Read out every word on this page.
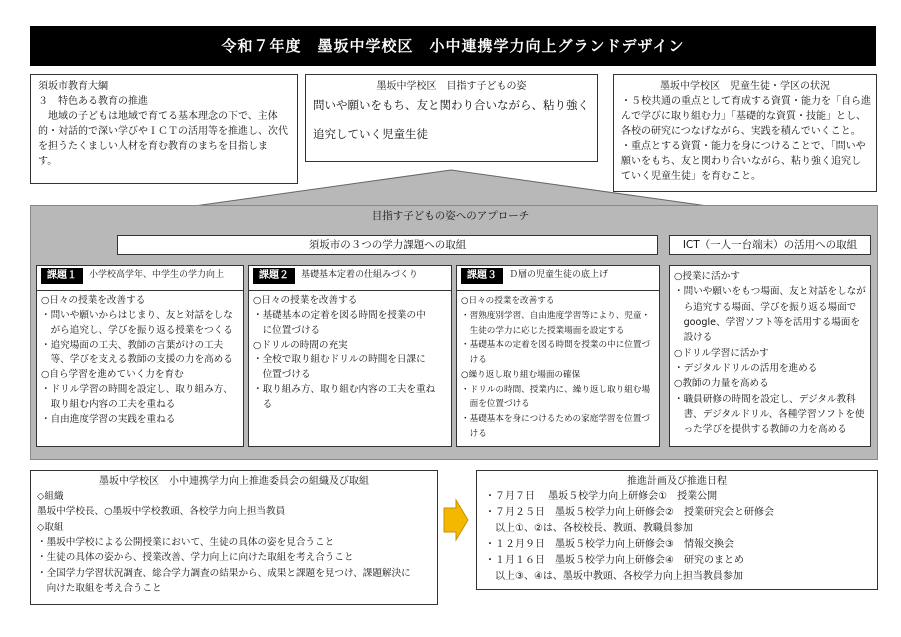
令和７年度　墨坂中学校区　小中連携学力向上グランドデザイン
須坂市教育大綱
３　特色ある教育の推進
　地域の子どもは地域で育てる基本理念の下で、主体
的・対話的で深い学びやＩＣＴの活用等を推進し、次代
を担うたくましい人材を育む教育のまちを目指しま
す。
墨坂中学校区　目指す子どもの姿
問いや願いをもち、友と関わり合いながら、粘り強く
追究していく児童生徒
墨坂中学校区　児童生徒・学区の状況
・５校共通の重点として育成する資質・能力を「自ら進
んで学びに取り組む力」「基礎的な資質・技能」とし、
各校の研究につなげながら、実践を積んでいくこと。
・重点とする資質・能力を身につけることで、「問いや
願いをもち、友と関わり合いながら、粘り強く追究し
ていく児童生徒」を育むこと。
目指す子どもの姿へのアプローチ
須坂市の３つの学力課題への取組	ICT（一人一台端末）の活用への取組
課題１	小学校高学年、中学生の学力向上
○日々の授業を改善する
・問いや願いからはじまり、友と対話をしな
　がら追究し、学びを振り返る授業をつくる
・追究場面の工夫、教師の言葉がけの工夫
　等、学びを支える教師の支援の力を高める
○自ら学習を進めていく力を育む
・ドリル学習の時間を設定し、取り組み方、
　取り組む内容の工夫を重ねる
・自由進度学習の実践を重ねる
課題２	基礎基本定着の仕組みづくり
○日々の授業を改善する
・基礎基本の定着を図る時間を授業の中
　に位置づける
○ドリルの時間の充実
・全校で取り組むドリルの時間を日課に
　位置づける
・取り組み方、取り組む内容の工夫を重ね
　る
課題３	Ｄ層の児童生徒の底上げ
○日々の授業を改善する
・習熟度別学習、自由進度学習等により、児童・
　生徒の学力に応じた授業場面を設定する
・基礎基本の定着を図る時間を授業の中に位置づ
　ける
○繰り返し取り組む場面の確保
・ドリルの時間、授業内に、繰り返し取り組む場
　面を位置づける
・基礎基本を身につけるための家庭学習を位置づ
　ける
○授業に活かす
・問いや願いをもつ場面、友と対話をしなが
　ら追究する場面、学びを振り返る場面で
　google、学習ソフト等を活用する場面を
　設ける
○ドリル学習に活かす
・デジタルドリルの活用を進める
○教師の力量を高める
・職員研修の時間を設定し、デジタル教科
　書、デジタルドリル、各種学習ソフトを使
　った学びを提供する教師の力を高める
墨坂中学校区　小中連携学力向上推進委員会の組織及び取組
◇組織
墨坂中学校長、○墨坂中学校教頭、各校学力向上担当教員
◇取組
・墨坂中学校による公開授業において、生徒の具体の姿を見合うこと
・生徒の具体の姿から、授業改善、学力向上に向けた取組を考え合うこと
・全国学力学習状況調査、総合学力調査の結果から、成果と課題を見つけ、課題解決に
　向けた取組を考え合うこと
推進計画及び推進日程
・７月７日　 墨坂５校学力向上研修会①　授業公開
・７月２５日　墨坂５校学力向上研修会②　授業研究会と研修会
　以上①、②は、各校校長、教頭、教職員参加
・１２月９日　墨坂５校学力向上研修会③　情報交換会
・１月１６日　墨坂５校学力向上研修会④　研究のまとめ
　以上③、④は、墨坂中教頭、各校学力向上担当教員参加
